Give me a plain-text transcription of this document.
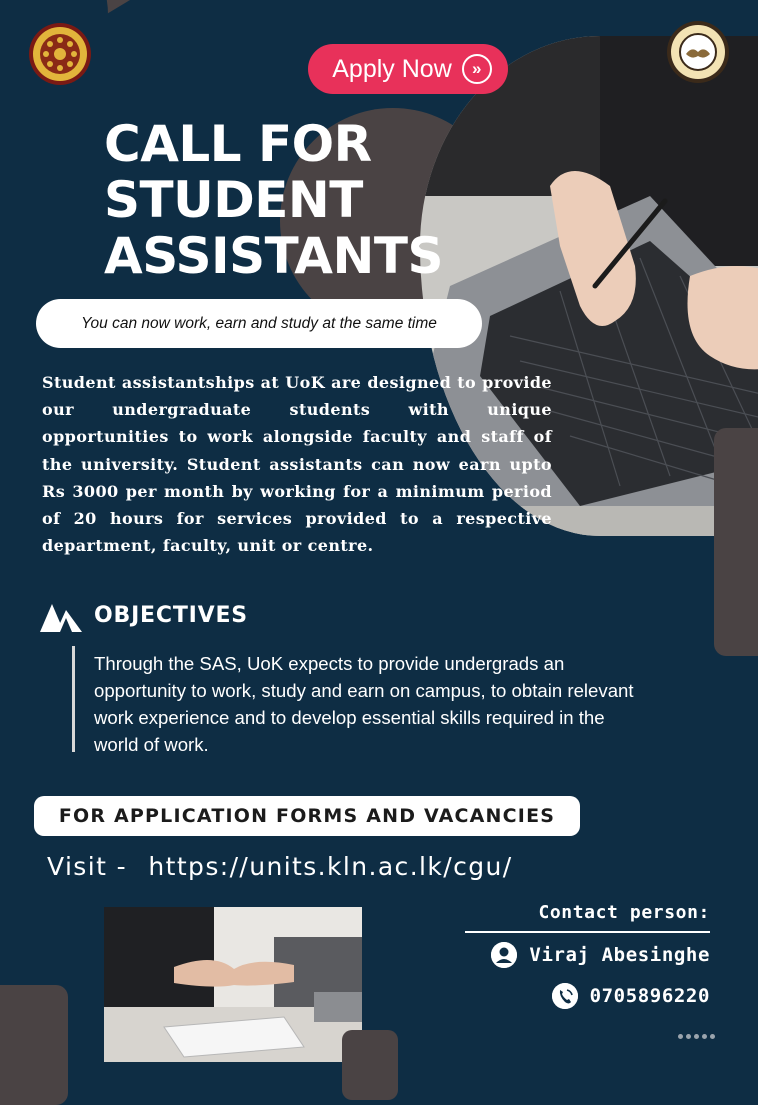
Apply Now	»
CALL FOR
STUDENT
ASSISTANTS
You can now work, earn and study at the same time
Student assistantships at UoK are designed to provide our undergraduate students with unique opportunities to work alongside faculty and staff of the university. Student assistants can now earn upto Rs 3000 per month by working for a minimum period of 20 hours for services provided to a respective department, faculty, unit or centre.
OBJECTIVES
Through the SAS, UoK expects to provide undergrads an opportunity to work, study and earn on campus, to obtain relevant work experience and to develop essential skills required in the world of work.
FOR APPLICATION FORMS AND VACANCIES
Visit - https://units.kln.ac.lk/cgu/
Contact person:
Viraj Abesinghe
0705896220
